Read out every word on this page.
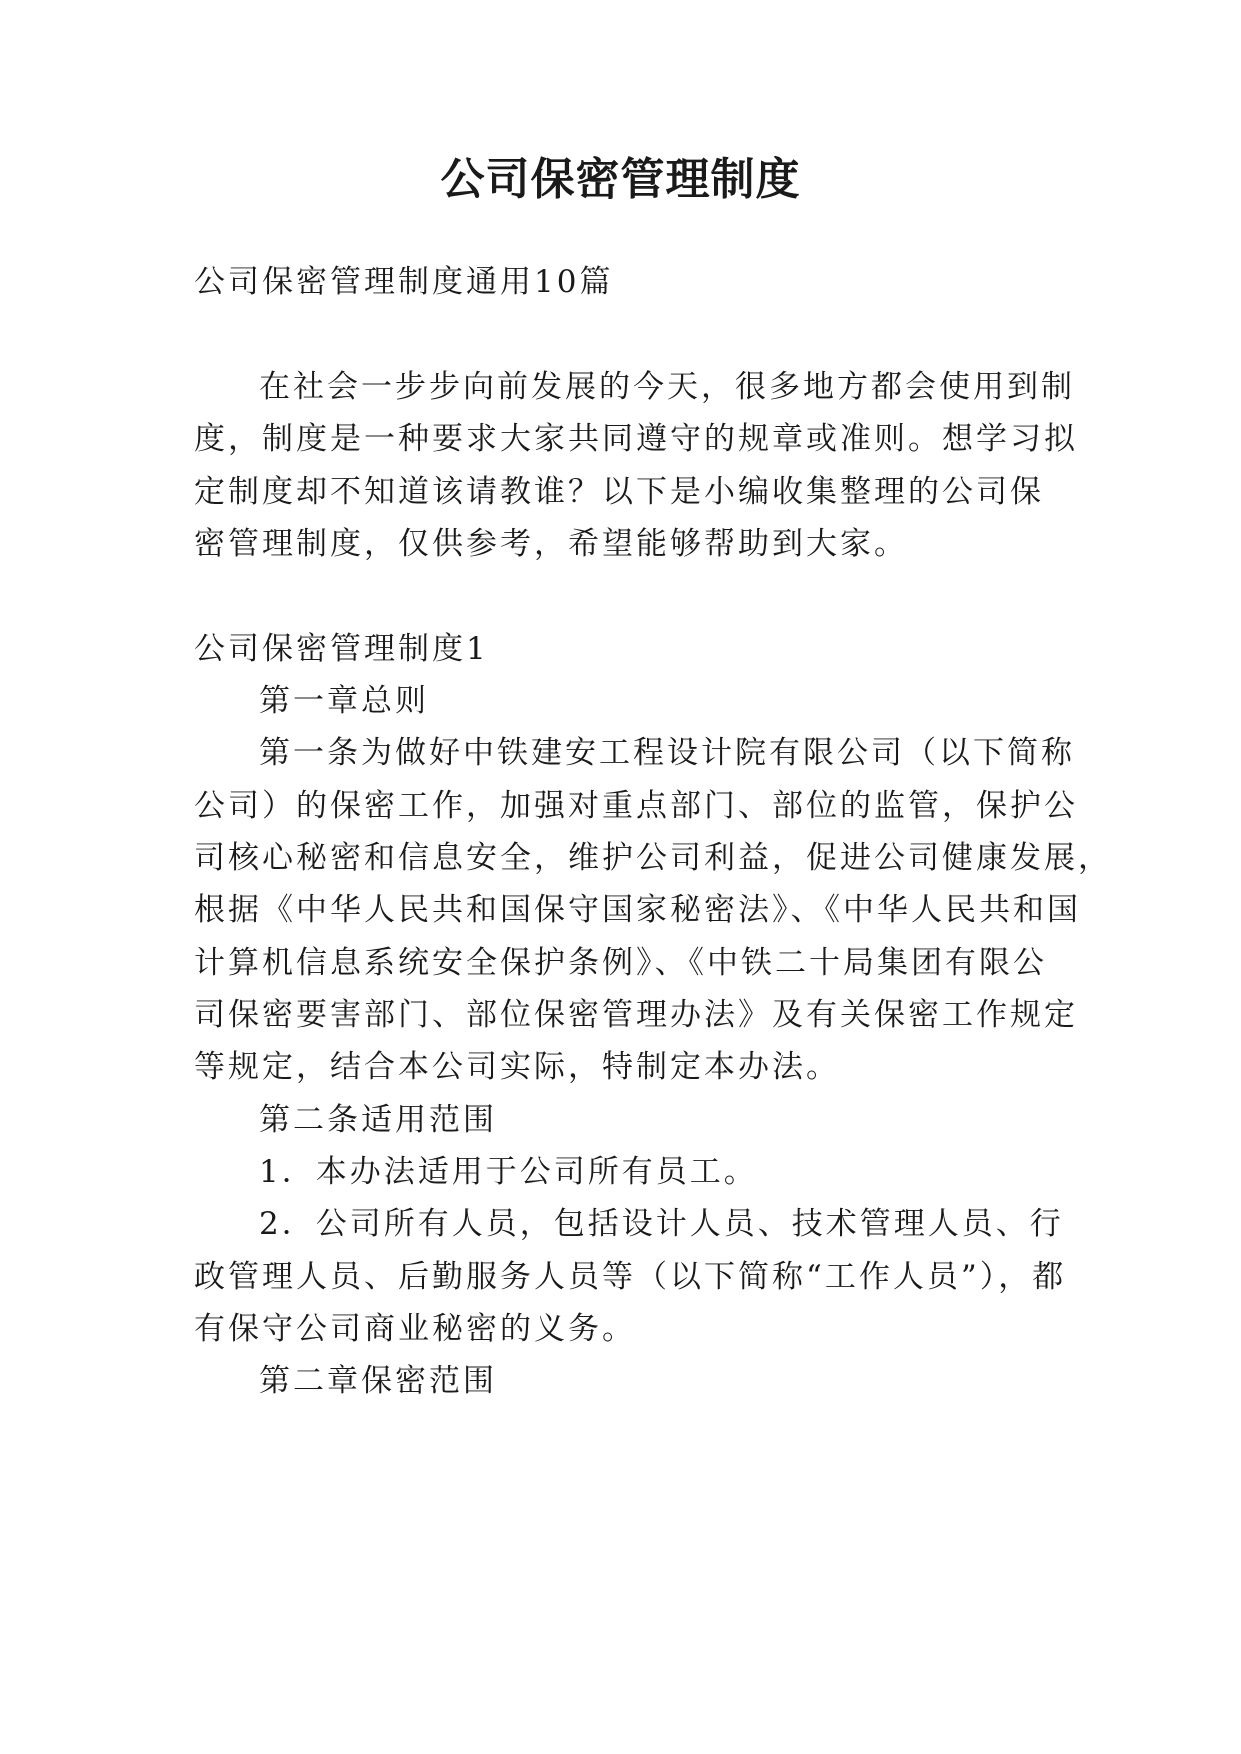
公司保密管理制度
公司保密管理制度通用10篇
在社会一步步向前发展的今天，很多地方都会使用到制
度，制度是一种要求大家共同遵守的规章或准则。想学习拟
定制度却不知道该请教谁？以下是小编收集整理的公司保
密管理制度，仅供参考，希望能够帮助到大家。
公司保密管理制度1
第一章总则
第一条为做好中铁建安工程设计院有限公司（以下简称
公司）的保密工作，加强对重点部门、部位的监管，保护公
司核心秘密和信息安全，维护公司利益，促进公司健康发展，
根据《中华人民共和国保守国家秘密法》、《中华人民共和国
计算机信息系统安全保护条例》、《中铁二十局集团有限公
司保密要害部门、部位保密管理办法》及有关保密工作规定
等规定，结合本公司实际，特制定本办法。
第二条适用范围
1．本办法适用于公司所有员工。
2．公司所有人员，包括设计人员、技术管理人员、行
政管理人员、后勤服务人员等（以下简称“工作人员”），都
有保守公司商业秘密的义务。
第二章保密范围
